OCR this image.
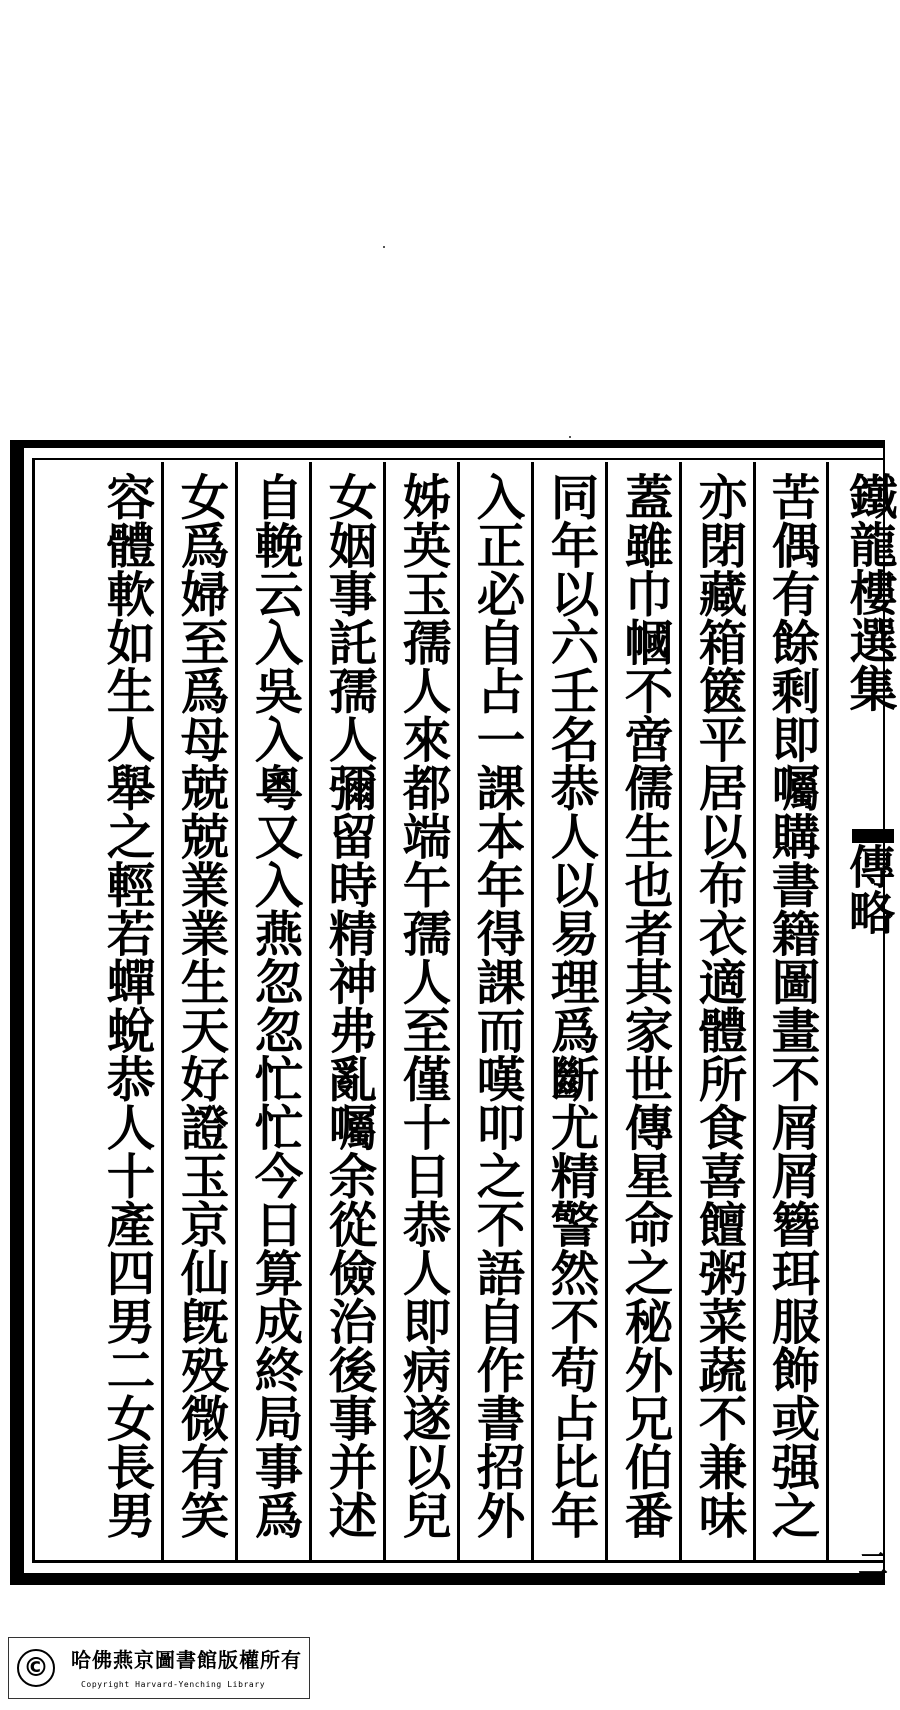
鐵龍樓選集
傳略
二
苦偶有餘剩即囑購書籍圖畫不屑屑簪珥服飾或强之
亦閉藏箱篋平居以布衣適體所食喜饘粥菜蔬不兼味
蓋雖巾幗不啻儒生也者其家世傳星命之秘外兄伯番
同年以六壬名恭人以易理爲斷尤精警然不苟占比年
入正必自占一課本年得課而嘆叩之不語自作書招外
姊英玉孺人來都端午孺人至僅十日恭人即病遂以兒
女姻事託孺人彌留時精神弗亂囑余從儉治後事并述
自輓云入吳入粵又入燕忽忽忙忙今日算成終局事爲
女爲婦至爲母兢兢業業生天好證玉京仙旣殁微有笑
容體軟如生人舉之輕若蟬蛻恭人十產四男二女長男
©	哈佛燕京圖書館版權所有
Copyright Harvard-Yenching Library
